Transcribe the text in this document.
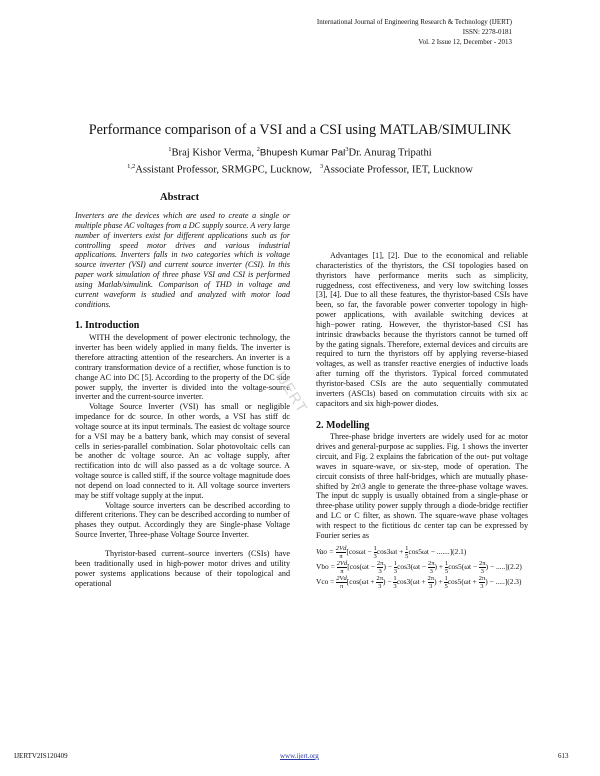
International Journal of Engineering Research & Technology (IJERT)
ISSN: 2278-0181
Vol. 2 Issue 12, December - 2013
Performance comparison of a VSI and a CSI using MATLAB/SIMULINK
$^1$Braj Kishor Verma, $^2$Bhupesh Kumar Pal$^3$Dr. Anurag Tripathi
$^{1,2}$Assistant Professor, SRMGPC, Lucknow,   $^3$Associate Professor, IET, Lucknow
Abstract

Inverters are the devices which are used to create a single or multiple phase AC voltages from a DC supply source. A very large number of inverters exist for different applications such as for controlling speed motor drives and various industrial applications. Inverters falls in two categories which is voltage source inverter (VSI) and current source inverter (CSI). In this paper work simulation of three phase VSI and CSI is performed using Matlab/simulink. Comparison of THD in voltage and current waveform is studied and analyzed with motor load conditions.

1. Introduction

WITH the development of power electronic technology, the inverter has been widely applied in many fields. The inverter is therefore attracting attention of the researchers. An inverter is a contrary transformation device of a rectifier, whose function is to change AC into DC [5]. According to the property of the DC side power supply, the inverter is divided into the voltage-source inverter and the current-source inverter.

Voltage Source Inverter (VSI) has small or negligible impedance for dc source. In other words, a VSI has stiff dc voltage source at its input terminals. The easiest dc voltage source for a VSI may be a battery bank, which may consist of several cells in series-parallel combination. Solar photovoltaic cells can be another dc voltage source. An ac voltage supply, after rectification into dc will also passed as a dc voltage source. A voltage source is called stiff, if the source voltage magnitude does not depend on load connected to it. All voltage source inverters may be stiff voltage supply at the input.

Voltage source inverters can be described according to different criterions. They can be described according to number of phases they output. Accordingly they are Single-phase Voltage Source Inverter, Three-phase Voltage Source Inverter.

Thyristor-based current–source inverters (CSIs) have been traditionally used in high-power motor drives and utility power systems applications because of their topological and operational

Advantages [1], [2]. Due to the economical and reliable characteristics of the thyristors, the CSI topologies based on thyristors have performance merits such as simplicity, ruggedness, cost effectiveness, and very low switching losses [3], [4]. Due to all these features, the thyristor-based CSIs have been, so far, the favorable power converter topology in high-power applications, with available switching devices at high−power rating. However, the thyristor-based CSI has intrinsic drawbacks because the thyristors cannot be turned off by the gating signals. Therefore, external devices and circuits are required to turn the thyristors off by applying reverse-biased voltages, as well as transfer reactive energies of inductive loads after turning off the thyristors. Typical forced commutated thyristor-based CSIs are the auto sequentially commutated inverters (ASCIs) based on commutation circuits with six ac capacitors and six high-power diodes.

2. Modelling

Three-phase bridge inverters are widely used for ac motor drives and general-purpose ac supplies. Fig. 1 shows the inverter circuit, and Fig. 2 explains the fabrication of the out- put voltage waves in square-wave, or six-step, mode of operation. The circuit consists of three half-bridges, which are mutually phase-shifted by 2π\3 angle to generate the three-phase voltage waves. The input dc supply is usually obtained from a single-phase or three-phase utility power supply through a diode-bridge rectifier and LC or C filter, as shown. The square-wave phase voltages with respect to the fictitious dc center tap can be expressed by Fourier series as

Vao = $\frac{2Vd}{\pi} [\cos\omega t - \frac{1}{3} \cos 3\omega t + \frac{1}{5} \cos 5\omega t - .......](2.1)$
Vbo = $\frac{2Vd}{\pi} [\cos(\omega t - \frac{2\pi}{3}$ ) − $\frac{1}{3} \cos 3(\omega t - \frac{2\pi}{3}$ ) + $\frac{1}{5} \cos 5(\omega t - \frac{2\pi}{3}$ ) − .....](2.2)
Vco = $\frac{2Vd}{\pi} [\cos(\omega t + \frac{2\pi}{3}$ ) − $\frac{1}{3} \cos 3(\omega t + \frac{2\pi}{3}$ ) + $\frac{1}{5} \cos 5(\omega t + \frac{2\pi}{3}$ ) − .....](2.3)
IJERT
IJERTV2IS120409	www.ijert.org	613
